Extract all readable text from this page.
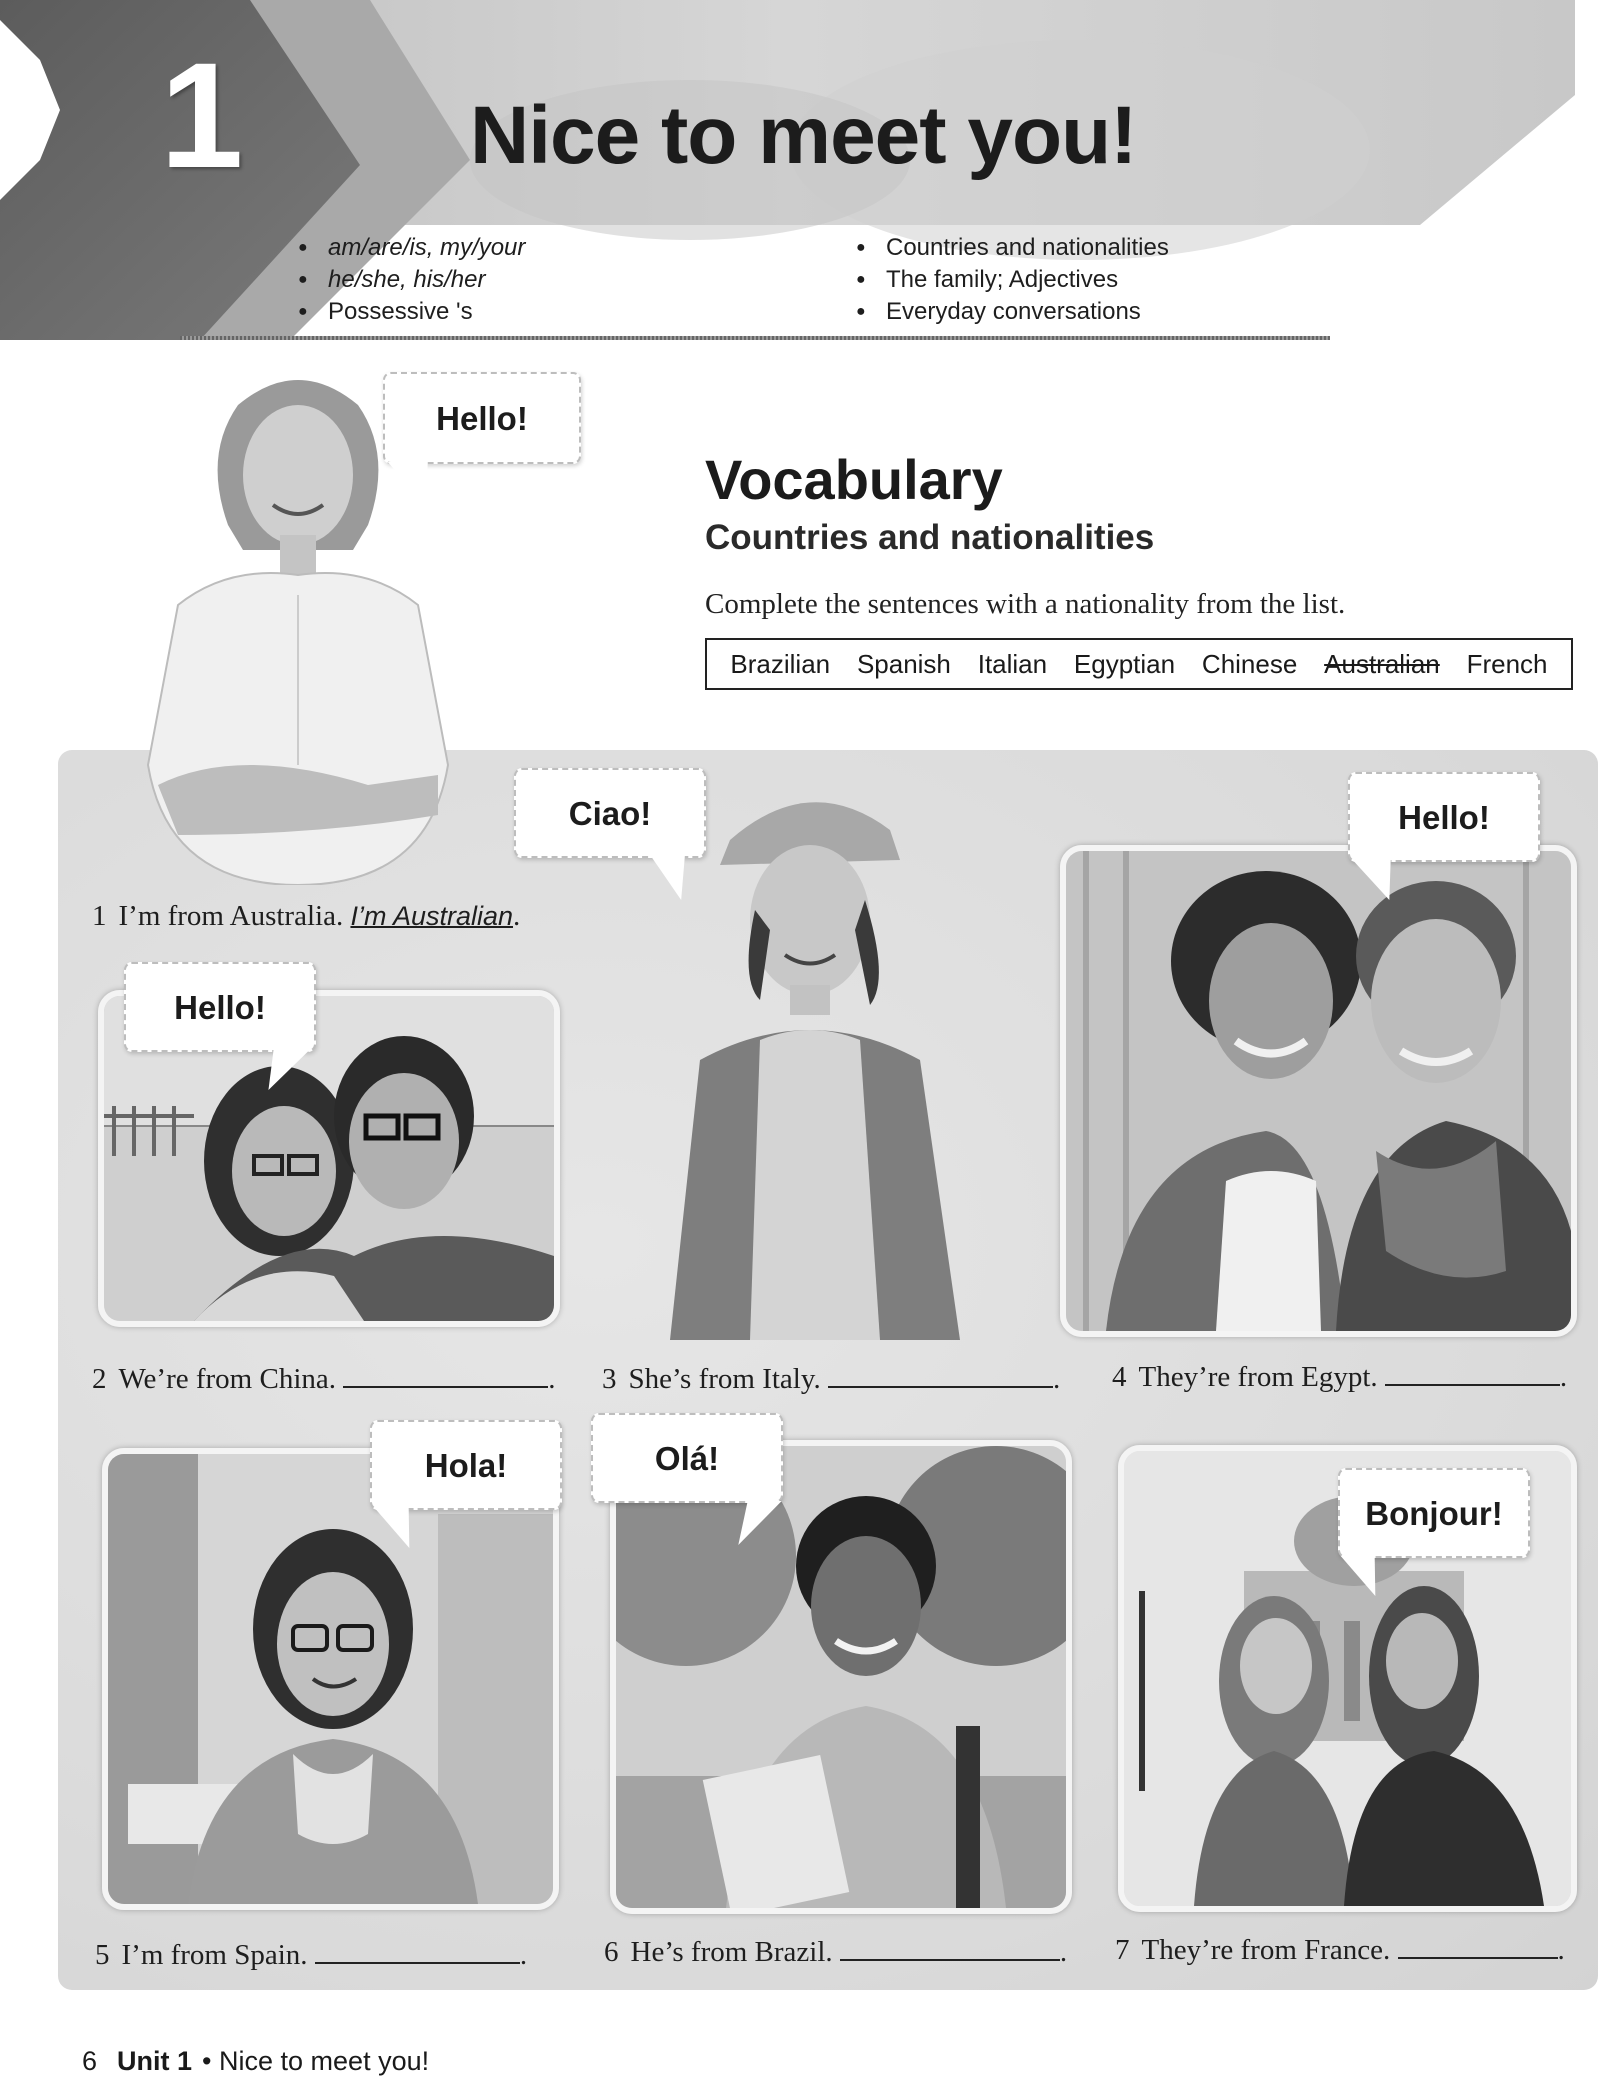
1	Nice to meet you!
● am/are/is, my/your
● he/she, his/her
● Possessive 's
● Countries and nationalities
● The family; Adjectives
● Everyday conversations
Hello!
Hello!
Ciao!	Hello!
Hola!	Olá!
Bonjour!
Vocabulary
Countries and nationalities
Complete the sentences with a nationality from the list.
Brazilian Spanish Italian Egyptian Chinese Australian French
1 I’m from Australia. I’m Australian.
2 We’re from China.	. 3 She’s from Italy.	. 4 They’re from Egypt.	.
5 I’m from Spain.	.	6 He’s from Brazil.	. 7 They’re from France.	.
6 Unit 1 • Nice to meet you!
